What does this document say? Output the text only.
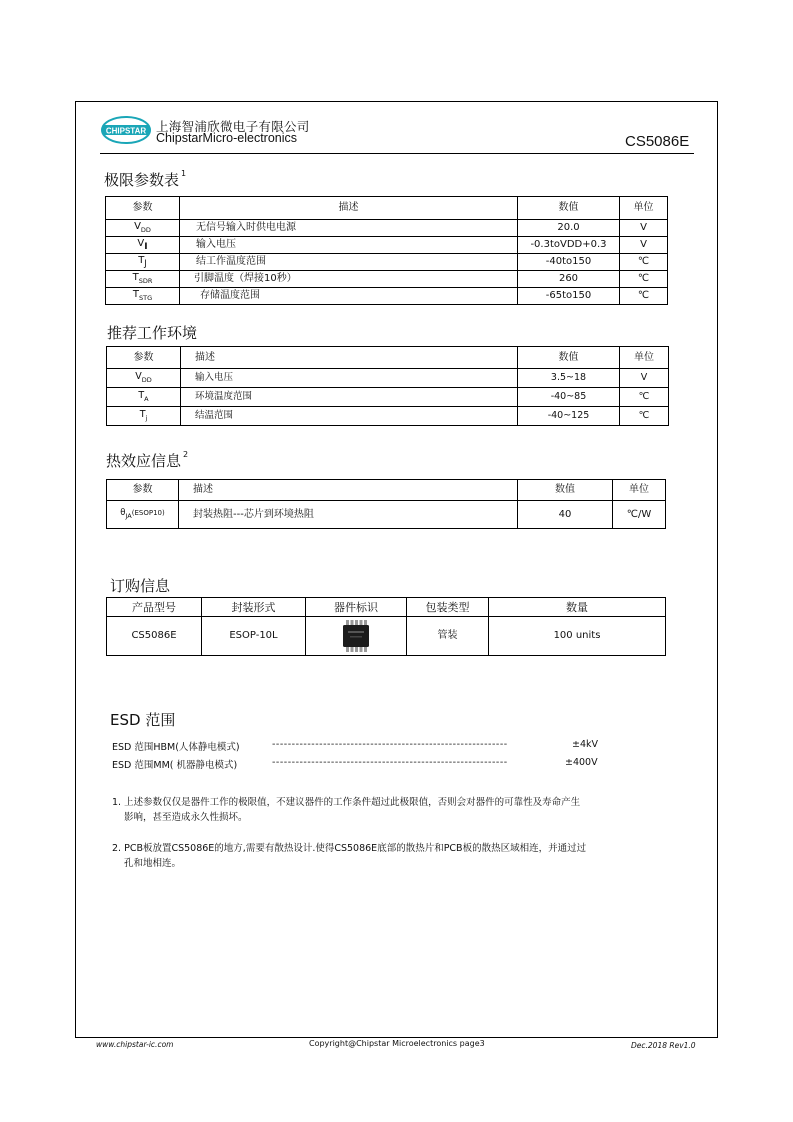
CHIPSTAR 上海智浦欣微电子有限公司
ChipstarMicro-electronics	CS5086E
极限参数表 $^1$
参数	描述	数值	单位
$V_{DD}$	无信号输入时供电电源	20.0	V
VI	输入电压	-0.3toVDD+0.3	V
$T_J$	结工作温度范围	-40to150	℃
$T_{SDR}$	引脚温度（焊接10秒）	260	℃
$T_{STG}$	存储温度范围	-65to150	℃
推荐工作环境
参数	描述	数值	单位
$V_{DD}$	输入电压	3.5~18	V
$T_A$	环境温度范围	-40~85	℃
$T_j$	结温范围	-40~125	℃
热效应信息 $^2$
参数	描述	数值	单位
$\theta_{JA}(ESOP10)$	封装热阻---芯片到环境热阻	40	℃/W
订购信息
产品型号	封装形式	器件标识	包装类型	数量
CS5086E	ESOP-10L		管装	100 units
ESD 范围
ESD 范围HBM(人体静电模式)	------------------------------------------------------------	±4kV
ESD 范围MM( 机器静电模式)	------------------------------------------------------------	±400V
1. 上述参数仅仅是器件工作的极限值，不建议器件的工作条件超过此极限值，否则会对器件的可靠性及寿命产生
影响，甚至造成永久性损坏。
2. PCB板放置CS5086E的地方,需要有散热设计.使得CS5086E底部的散热片和PCB板的散热区域相连，并通过过
孔和地相连。
www.chipstar-ic.com	Copyright@Chipstar Microelectronics page3	Dec.2018 Rev1.0
